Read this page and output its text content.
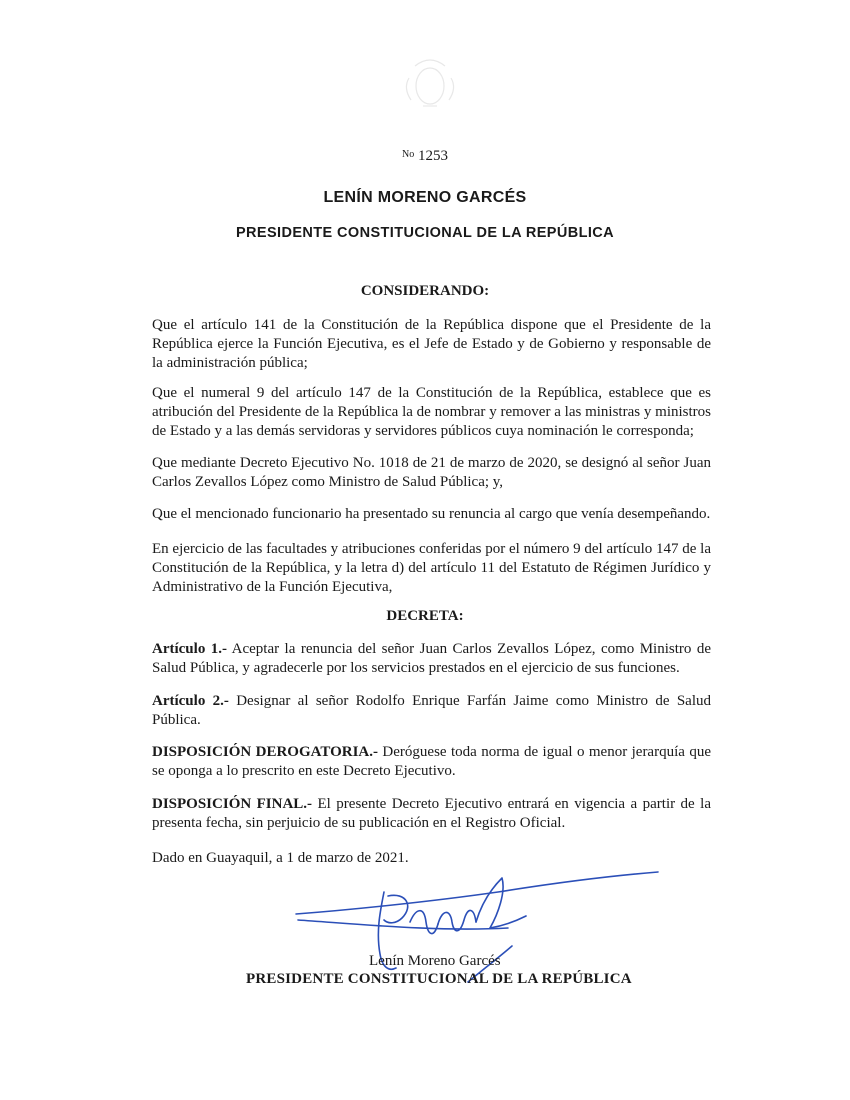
$^{No}$ 1253
LENÍN MORENO GARCÉS
PRESIDENTE CONSTITUCIONAL DE LA REPÚBLICA
CONSIDERANDO:

Que el artículo 141 de la Constitución de la República dispone que el Presidente de la República ejerce la Función Ejecutiva, es el Jefe de Estado y de Gobierno y responsable de la administración pública;

Que el numeral 9 del artículo 147 de la Constitución de la República, establece que es atribución del Presidente de la República la de nombrar y remover a las ministras y ministros de Estado y a las demás servidoras y servidores públicos cuya nominación le corresponda;

Que mediante Decreto Ejecutivo No. 1018 de 21 de marzo de 2020, se designó al señor Juan Carlos Zevallos López como Ministro de Salud Pública; y,

Que el mencionado funcionario ha presentado su renuncia al cargo que venía desempeñando.

En ejercicio de las facultades y atribuciones conferidas por el número 9 del artículo 147 de la Constitución de la República, y la letra d) del artículo 11 del Estatuto de Régimen Jurídico y Administrativo de la Función Ejecutiva,

DECRETA:

Artículo 1.- Aceptar la renuncia del señor Juan Carlos Zevallos López, como Ministro de Salud Pública, y agradecerle por los servicios prestados en el ejercicio de sus funciones.

Artículo 2.- Designar al señor Rodolfo Enrique Farfán Jaime como Ministro de Salud Pública.

DISPOSICIÓN DEROGATORIA.- Deróguese toda norma de igual o menor jerarquía que se oponga a lo prescrito en este Decreto Ejecutivo.

DISPOSICIÓN FINAL.- El presente Decreto Ejecutivo entrará en vigencia a partir de la presenta fecha, sin perjuicio de su publicación en el Registro Oficial.

Dado en Guayaquil, a 1 de marzo de 2021.

Lenín Moreno Garcés
PRESIDENTE CONSTITUCIONAL DE LA REPÚBLICA
